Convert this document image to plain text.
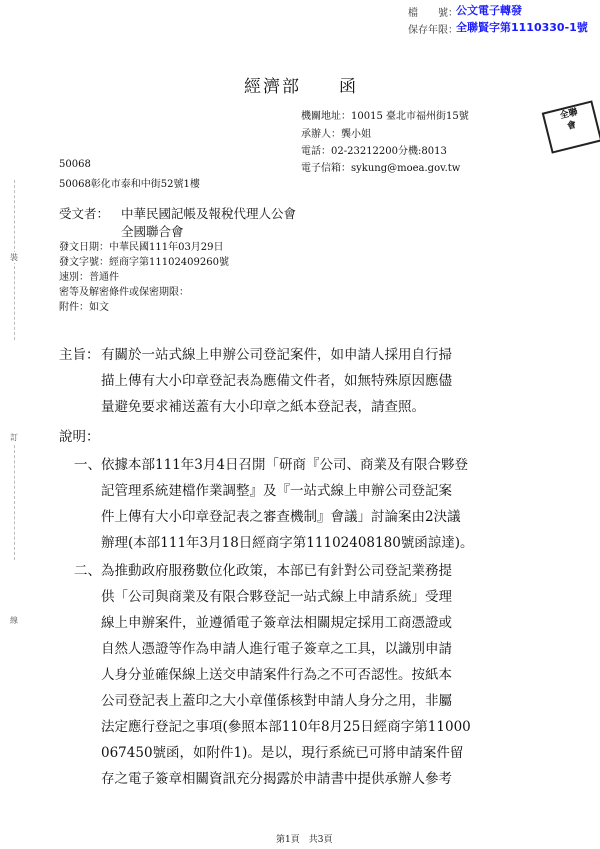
檔　　號：
公文電子轉發
保存年限：
全聯賢字第1110330-1號
經濟部　　函
機關地址：10015 臺北市福州街15號
承辦人：龔小姐
電話：02-23212200分機:8013
電子信箱：sykung@moea.gov.tw
全聯
會
50068
50068彰化市泰和中街52號1樓
受文者： 中華民國記帳及報稅代理人公會
全國聯合會
發文日期：中華民國111年03月29日
發文字號：經商字第11102409260號
速別：普通件
密等及解密條件或保密期限：
附件：如文
主旨： 有關於一站式線上申辦公司登記案件，如申請人採用自行掃
描上傳有大小印章登記表為應備文件者，如無特殊原因應儘
量避免要求補送蓋有大小印章之紙本登記表，請查照。
說明：
一、 依據本部111年3月4日召開「研商『公司、商業及有限合夥登
記管理系統建檔作業調整』及『一站式線上申辦公司登記案
件上傳有大小印章登記表之審查機制』會議」討論案由2決議
辦理(本部111年3月18日經商字第11102408180號函諒達)。
二、 為推動政府服務數位化政策，本部已有針對公司登記業務提
供「公司與商業及有限合夥登記一站式線上申請系統」受理
線上申辦案件，並遵循電子簽章法相關規定採用工商憑證或
自然人憑證等作為申請人進行電子簽章之工具，以識別申請
人身分並確保線上送交申請案件行為之不可否認性。按紙本
公司登記表上蓋印之大小章僅係核對申請人身分之用，非屬
法定應行登記之事項(參照本部110年8月25日經商字第11000
067450號函，如附件1)。是以，現行系統已可將申請案件留
存之電子簽章相關資訊充分揭露於申請書中提供承辦人參考
裝
訂
線
第1頁　共3頁
